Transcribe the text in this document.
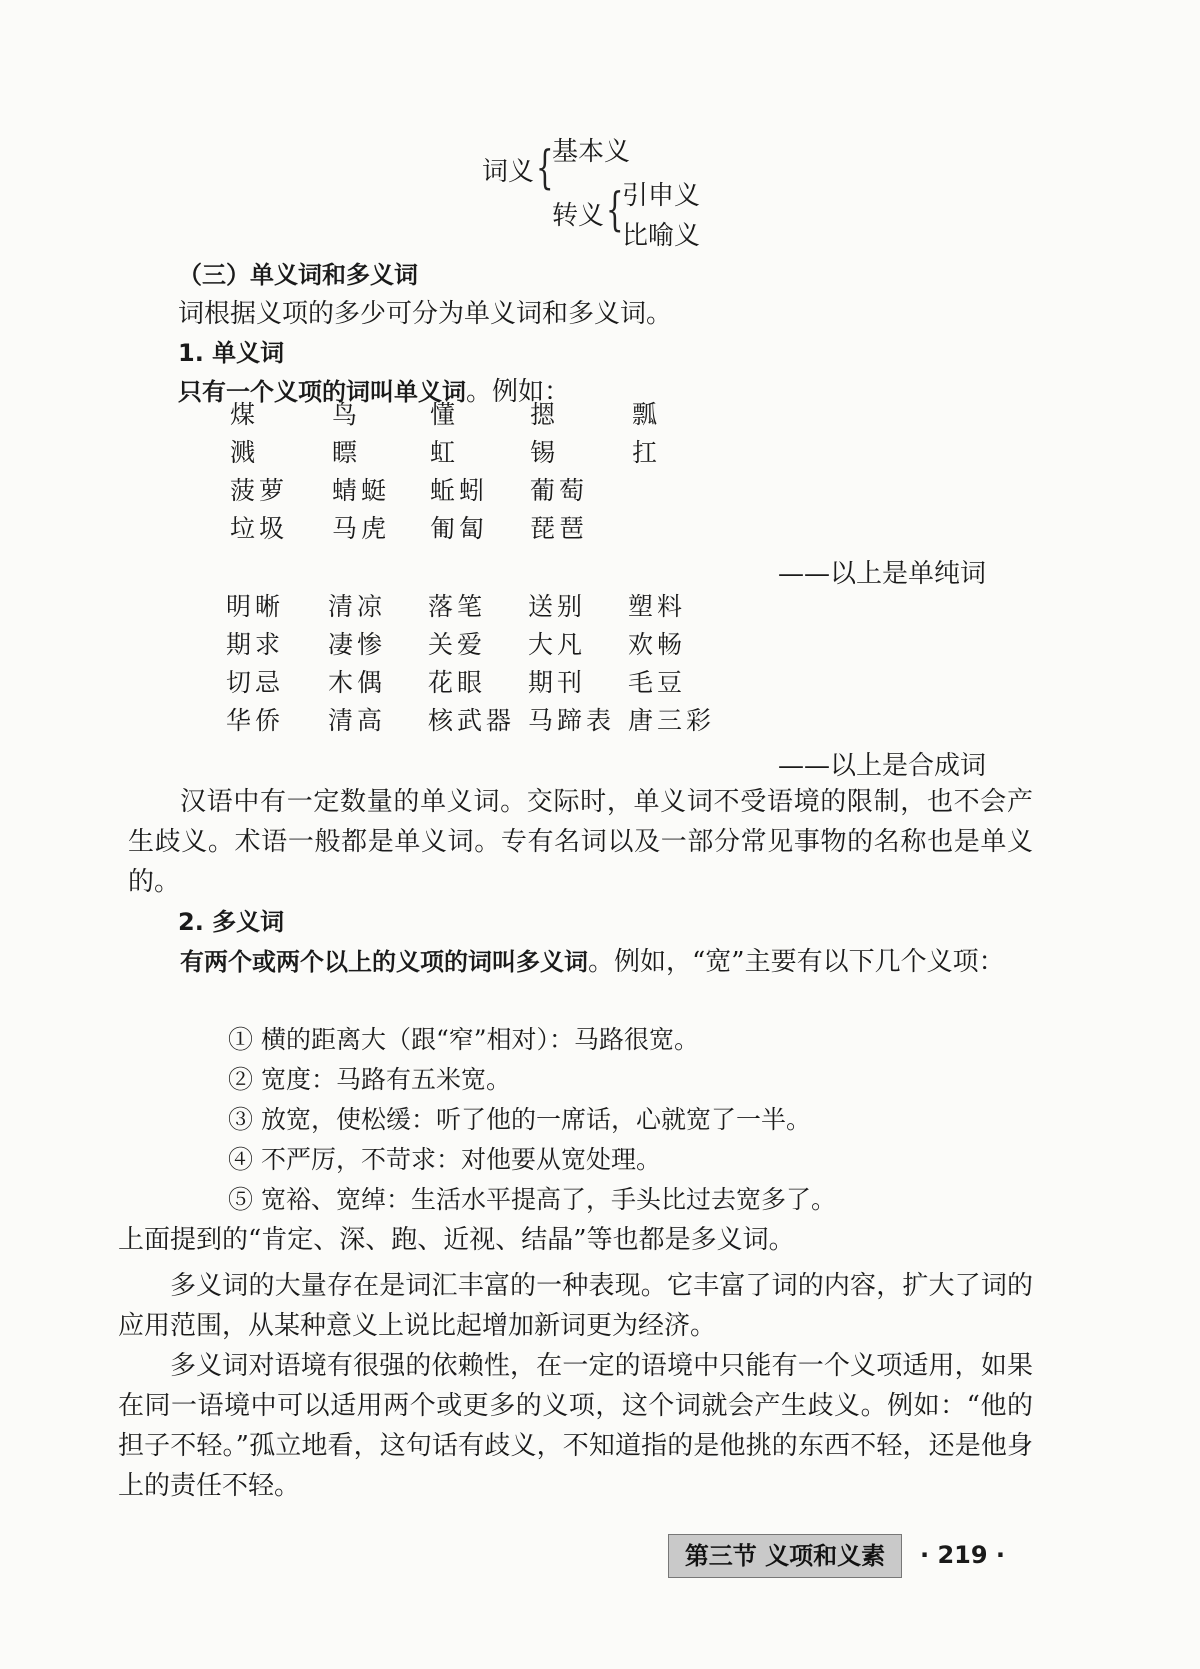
词义 {
基本义
转义 {
引申义
比喻义
（三）单义词和多义词
词根据义项的多少可分为单义词和多义词。
1. 单义词
只有一个义项的词叫单义词。例如：
煤	鸟	懂	摁	瓢
溅	瞟	虹	锡	扛
菠萝 蜻蜓 蚯蚓 葡萄
垃圾 马虎 匍匐 琵琶
——以上是单纯词
明晰 清凉 落笔 送别 塑料
期求 凄惨 关爱 大凡 欢畅
切忌 木偶 花眼 期刊 毛豆
华侨 清高 核武器 马蹄表 唐三彩
——以上是合成词
汉语中有一定数量的单义词。交际时，单义词不受语境的限制，也不会产生歧义。术语一般都是单义词。专有名词以及一部分常见事物的名称也是单义的。
2. 多义词
有两个或两个以上的义项的词叫多义词。例如，“宽”主要有以下几个义项：
① 横的距离大（跟“窄”相对）：马路很宽。
② 宽度：马路有五米宽。
③ 放宽，使松缓：听了他的一席话，心就宽了一半。
④ 不严厉，不苛求：对他要从宽处理。
⑤ 宽裕、宽绰：生活水平提高了，手头比过去宽多了。
上面提到的“肯定、深、跑、近视、结晶”等也都是多义词。
多义词的大量存在是词汇丰富的一种表现。它丰富了词的内容，扩大了词的应用范围，从某种意义上说比起增加新词更为经济。
多义词对语境有很强的依赖性，在一定的语境中只能有一个义项适用，如果在同一语境中可以适用两个或更多的义项，这个词就会产生歧义。例如：“他的担子不轻。”孤立地看，这句话有歧义，不知道指的是他挑的东西不轻，还是他身上的责任不轻。
第三节 义项和义素	· 219 ·
